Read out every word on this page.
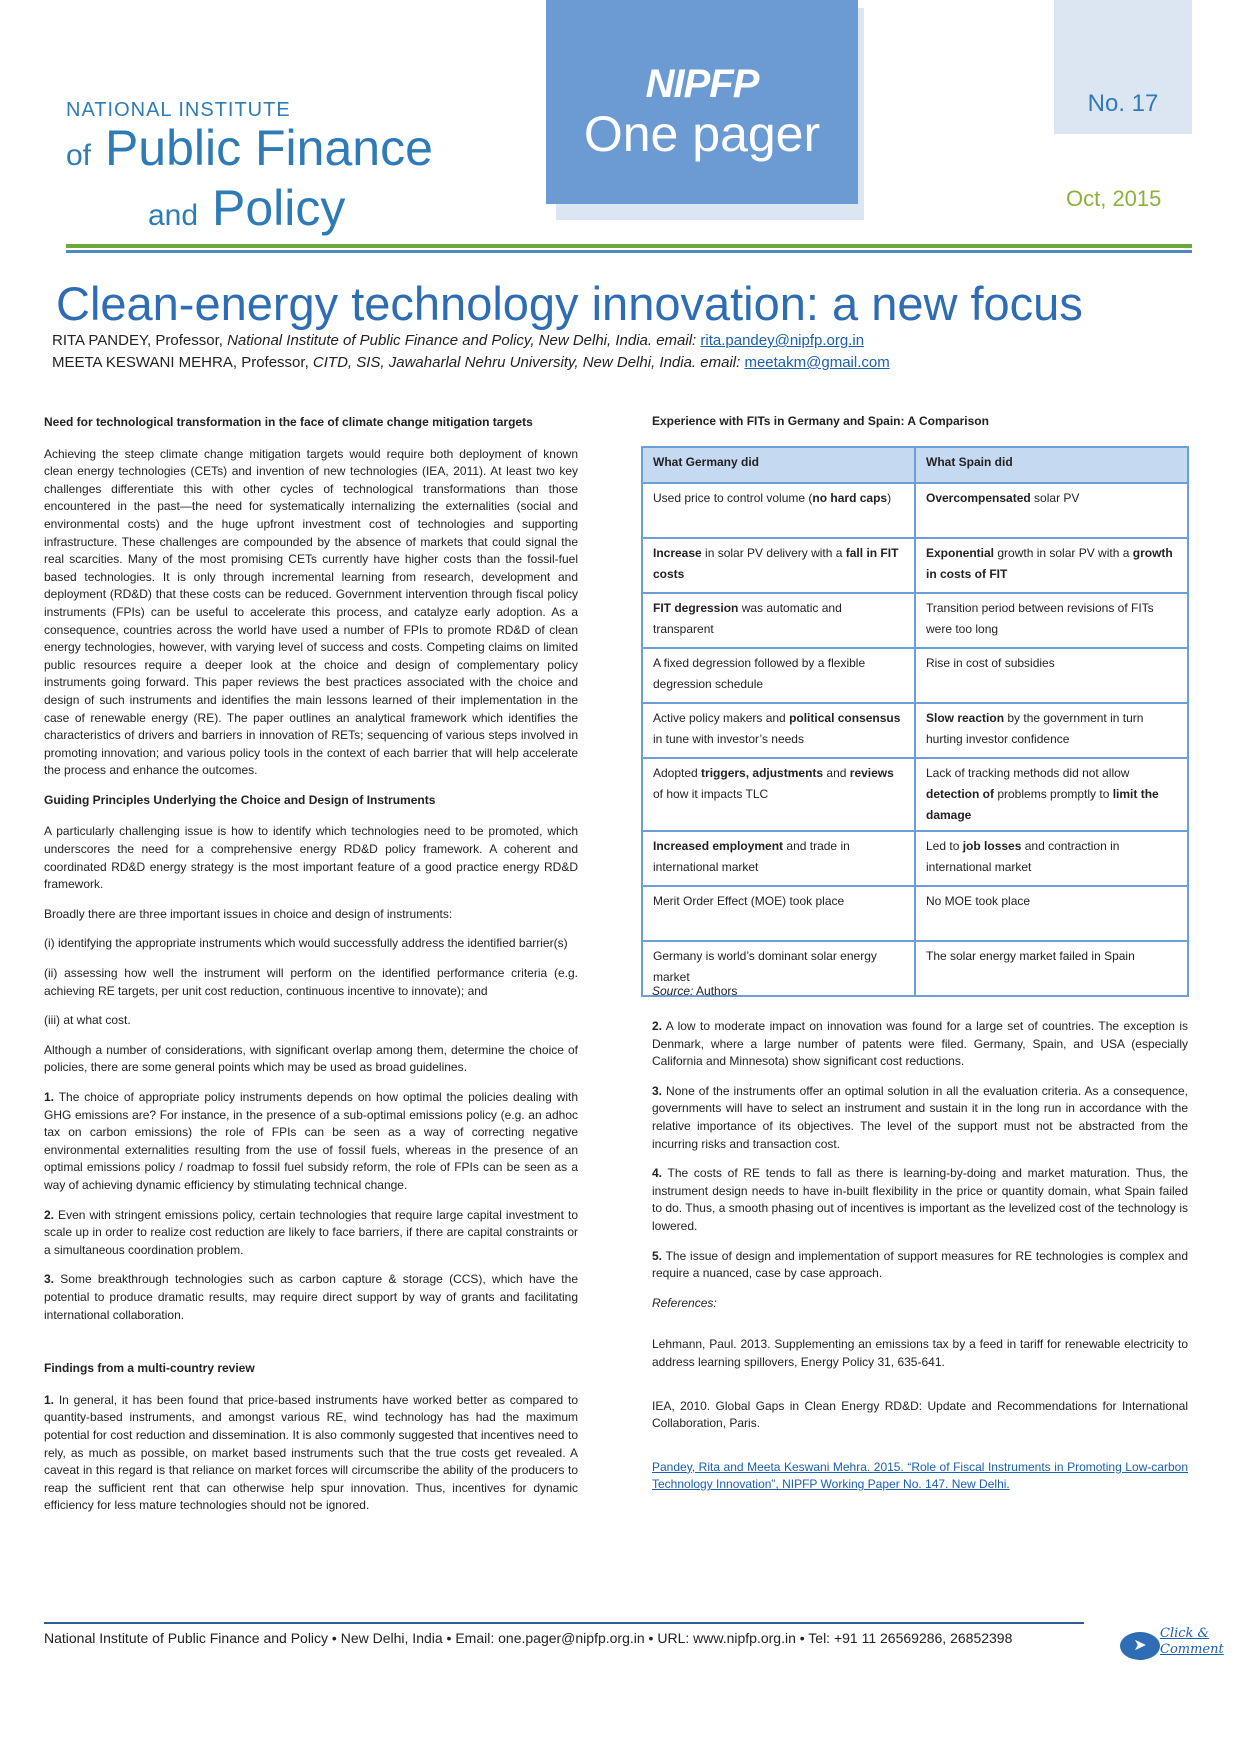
NATIONAL INSTITUTE
of Public Finance
and Policy
NIPFP
One pager
No. 17
Oct, 2015
Clean-energy technology innovation: a new focus
RITA PANDEY, Professor, National Institute of Public Finance and Policy, New Delhi, India. email: rita.pandey@nipfp.org.in
MEETA KESWANI MEHRA, Professor, CITD, SIS, Jawaharlal Nehru University, New Delhi, India. email: meetakm@gmail.com
Need for technological transformation in the face of climate change mitigation targets

Achieving the steep climate change mitigation targets would require both deployment of known clean energy technologies (CETs) and invention of new technologies (IEA, 2011). At least two key challenges differentiate this with other cycles of technological transformations than those encountered in the past—the need for systematically internalizing the externalities (social and environmental costs) and the huge upfront investment cost of technologies and supporting infrastructure. These challenges are compounded by the absence of markets that could signal the real scarcities. Many of the most promising CETs currently have higher costs than the fossil-fuel based technologies. It is only through incremental learning from research, development and deployment (RD&D) that these costs can be reduced. Government intervention through fiscal policy instruments (FPIs) can be useful to accelerate this process, and catalyze early adoption. As a consequence, countries across the world have used a number of FPIs to promote RD&D of clean energy technologies, however, with varying level of success and costs. Competing claims on limited public resources require a deeper look at the choice and design of complementary policy instruments going forward. This paper reviews the best practices associated with the choice and design of such instruments and identifies the main lessons learned of their implementation in the case of renewable energy (RE). The paper outlines an analytical framework which identifies the characteristics of drivers and barriers in innovation of RETs; sequencing of various steps involved in promoting innovation; and various policy tools in the context of each barrier that will help accelerate the process and enhance the outcomes.

Guiding Principles Underlying the Choice and Design of Instruments

A particularly challenging issue is how to identify which technologies need to be promoted, which underscores the need for a comprehensive energy RD&D policy framework. A coherent and coordinated RD&D energy strategy is the most important feature of a good practice energy RD&D framework.

Broadly there are three important issues in choice and design of instruments:

(i) identifying the appropriate instruments which would successfully address the identified barrier(s)

(ii) assessing how well the instrument will perform on the identified performance criteria (e.g. achieving RE targets, per unit cost reduction, continuous incentive to innovate); and

(iii) at what cost.

Although a number of considerations, with significant overlap among them, determine the choice of policies, there are some general points which may be used as broad guidelines.

1. The choice of appropriate policy instruments depends on how optimal the policies dealing with GHG emissions are? For instance, in the presence of a sub-optimal emissions policy (e.g. an adhoc tax on carbon emissions) the role of FPIs can be seen as a way of correcting negative environmental externalities resulting from the use of fossil fuels, whereas in the presence of an optimal emissions policy / roadmap to fossil fuel subsidy reform, the role of FPIs can be seen as a way of achieving dynamic efficiency by stimulating technical change.

2. Even with stringent emissions policy, certain technologies that require large capital investment to scale up in order to realize cost reduction are likely to face barriers, if there are capital constraints or a simultaneous coordination problem.

3. Some breakthrough technologies such as carbon capture & storage (CCS), which have the potential to produce dramatic results, may require direct support by way of grants and facilitating international collaboration.

Findings from a multi-country review

1. In general, it has been found that price-based instruments have worked better as compared to quantity-based instruments, and amongst various RE, wind technology has had the maximum potential for cost reduction and dissemination. It is also commonly suggested that incentives need to rely, as much as possible, on market based instruments such that the true costs get revealed. A caveat in this regard is that reliance on market forces will circumscribe the ability of the producers to reap the sufficient rent that can otherwise help spur innovation. Thus, incentives for dynamic efficiency for less mature technologies should not be ignored.

Experience with FITs in Germany and Spain: A Comparison
What Germany did	What Spain did
Used price to control volume (no hard caps)	Overcompensated solar PV
Increase in solar PV delivery with a fall in FIT costs	Exponential growth in solar PV with a growth in costs of FIT
FIT degression was automatic and transparent	Transition period between revisions of FITs were too long
A fixed degression followed by a flexible degression schedule	Rise in cost of subsidies
Active policy makers and political consensus in tune with investor’s needs	Slow reaction by the government in turn hurting investor confidence
Adopted triggers, adjustments and reviews of how it impacts TLC	Lack of tracking methods did not allow detection of problems promptly to limit the damage
Increased employment and trade in international market	Led to job losses and contraction in international market
Merit Order Effect (MOE) took place	No MOE took place
Germany is world’s dominant solar energy market	The solar energy market failed in Spain
Source: Authors

2. A low to moderate impact on innovation was found for a large set of countries. The exception is Denmark, where a large number of patents were filed. Germany, Spain, and USA (especially California and Minnesota) show significant cost reductions.

3. None of the instruments offer an optimal solution in all the evaluation criteria. As a consequence, governments will have to select an instrument and sustain it in the long run in accordance with the relative importance of its objectives. The level of the support must not be abstracted from the incurring risks and transaction cost.

4. The costs of RE tends to fall as there is learning-by-doing and market maturation. Thus, the instrument design needs to have in-built flexibility in the price or quantity domain, what Spain failed to do. Thus, a smooth phasing out of incentives is important as the levelized cost of the technology is lowered.

5. The issue of design and implementation of support measures for RE technologies is complex and require a nuanced, case by case approach.

References:

Lehmann, Paul. 2013. Supplementing an emissions tax by a feed in tariff for renewable electricity to address learning spillovers, Energy Policy 31, 635-641.

IEA, 2010. Global Gaps in Clean Energy RD&D: Update and Recommendations for International Collaboration, Paris.

Pandey, Rita and Meeta Keswani Mehra. 2015. “Role of Fiscal Instruments in Promoting Low-carbon Technology Innovation”, NIPFP Working Paper No. 147. New Delhi.

National Institute of Public Finance and Policy • New Delhi, India • Email: one.pager@nipfp.org.in • URL: www.nipfp.org.in • Tel: +91 11 26569286, 26852398	➤
Click &
Comment
